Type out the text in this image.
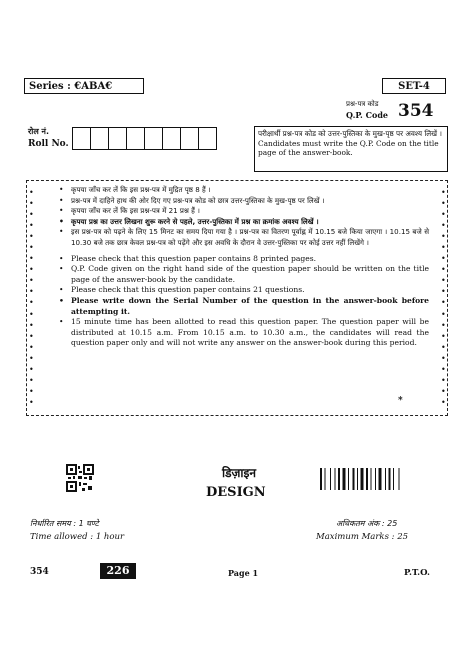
Series : €ABA€	SET-4
प्रश्न-पत्र कोड
Q.P. Code 354
रोल नं.
Roll No.
परीक्षार्थी प्रश्न-पत्र कोड को उत्तर-पुस्तिका के मुख-पृष्ठ पर अवश्य लिखें ।
Candidates must write the Q.P. Code on the title page of the answer-book.
•
•
•
•
•
•
•
•
•
•
•
•
•
•
•
•
•
•
•
•
•
•
•
•
•
•
•
•
•
•
•
•
•
•
•
•
•
•
•
•
•	कृपया जाँच कर लें कि इस प्रश्न-पत्र में मुद्रित पृष्ठ 8 हैं ।
•	प्रश्न-पत्र में दाहिने हाथ की ओर दिए गए प्रश्न-पत्र कोड को छात्र उत्तर-पुस्तिका के मुख-पृष्ठ पर लिखें ।
•	कृपया जाँच कर लें कि इस प्रश्न-पत्र में 21 प्रश्न हैं ।
•	कृपया प्रश्न का उत्तर लिखना शुरू करने से पहले, उत्तर-पुस्तिका में प्रश्न का क्रमांक अवश्य लिखें ।
•	इस प्रश्न-पत्र को पढ़ने के लिए 15 मिनट का समय दिया गया है । प्रश्न-पत्र का वितरण पूर्वाह्न में 10.15 बजे किया जाएगा । 10.15 बजे से 10.30 बजे तक छात्र केवल प्रश्न-पत्र को पढ़ेंगे और इस अवधि के दौरान वे उत्तर-पुस्तिका पर कोई उत्तर नहीं लिखेंगे ।
• Please check that this question paper contains 8 printed pages.
• Q.P. Code given on the right hand side of the question paper should be written on the title page of the answer-book by the candidate.
• Please check that this question paper contains 21 questions.
• Please write down the Serial Number of the question in the answer-book before attempting it.
• 15 minute time has been allotted to read this question paper. The question paper will be distributed at 10.15 a.m. From 10.15 a.m. to 10.30 a.m., the candidates will read the question paper only and will not write any answer on the answer-book during this period.
*
डिज़ाइन
DESIGN
निर्धारित समय : 1 घण्टे
Time allowed : 1 hour
अधिकतम अंक : 25
Maximum Marks : 25
354	226	Page 1	P.T.O.
